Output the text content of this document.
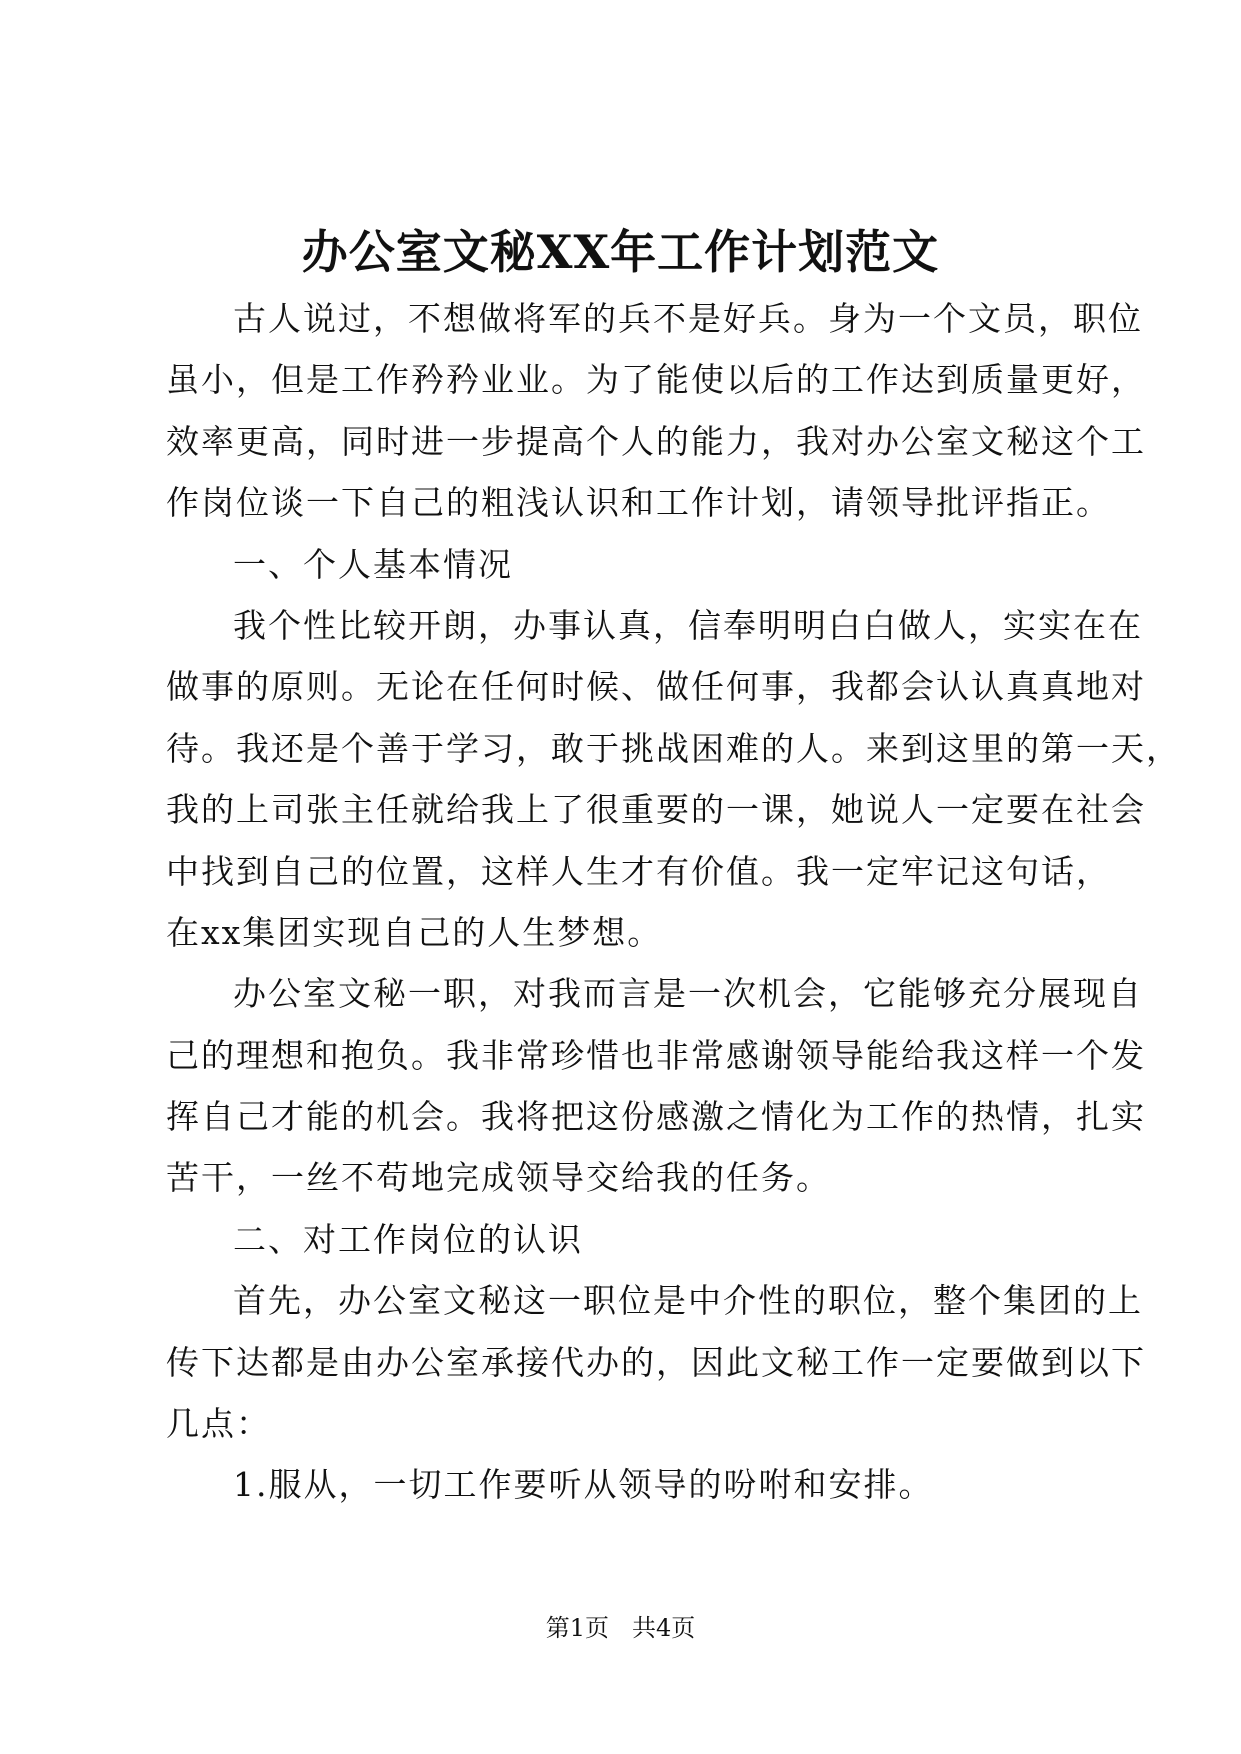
办公室文秘XX年工作计划范文
古人说过，不想做将军的兵不是好兵。身为一个文员，职位
虽小，但是工作矜矜业业。为了能使以后的工作达到质量更好，
效率更高，同时进一步提高个人的能力，我对办公室文秘这个工
作岗位谈一下自己的粗浅认识和工作计划，请领导批评指正。
一、个人基本情况
我个性比较开朗，办事认真，信奉明明白白做人，实实在在
做事的原则。无论在任何时候、做任何事，我都会认认真真地对
待。我还是个善于学习，敢于挑战困难的人。来到这里的第一天，
我的上司张主任就给我上了很重要的一课，她说人一定要在社会
中找到自己的位置，这样人生才有价值。我一定牢记这句话，
在xx集团实现自己的人生梦想。
办公室文秘一职，对我而言是一次机会，它能够充分展现自
己的理想和抱负。我非常珍惜也非常感谢领导能给我这样一个发
挥自己才能的机会。我将把这份感激之情化为工作的热情，扎实
苦干，一丝不苟地完成领导交给我的任务。
二、对工作岗位的认识
首先，办公室文秘这一职位是中介性的职位，整个集团的上
传下达都是由办公室承接代办的，因此文秘工作一定要做到以下
几点：
1.服从，一切工作要听从领导的吩咐和安排。
第1页 共4页
